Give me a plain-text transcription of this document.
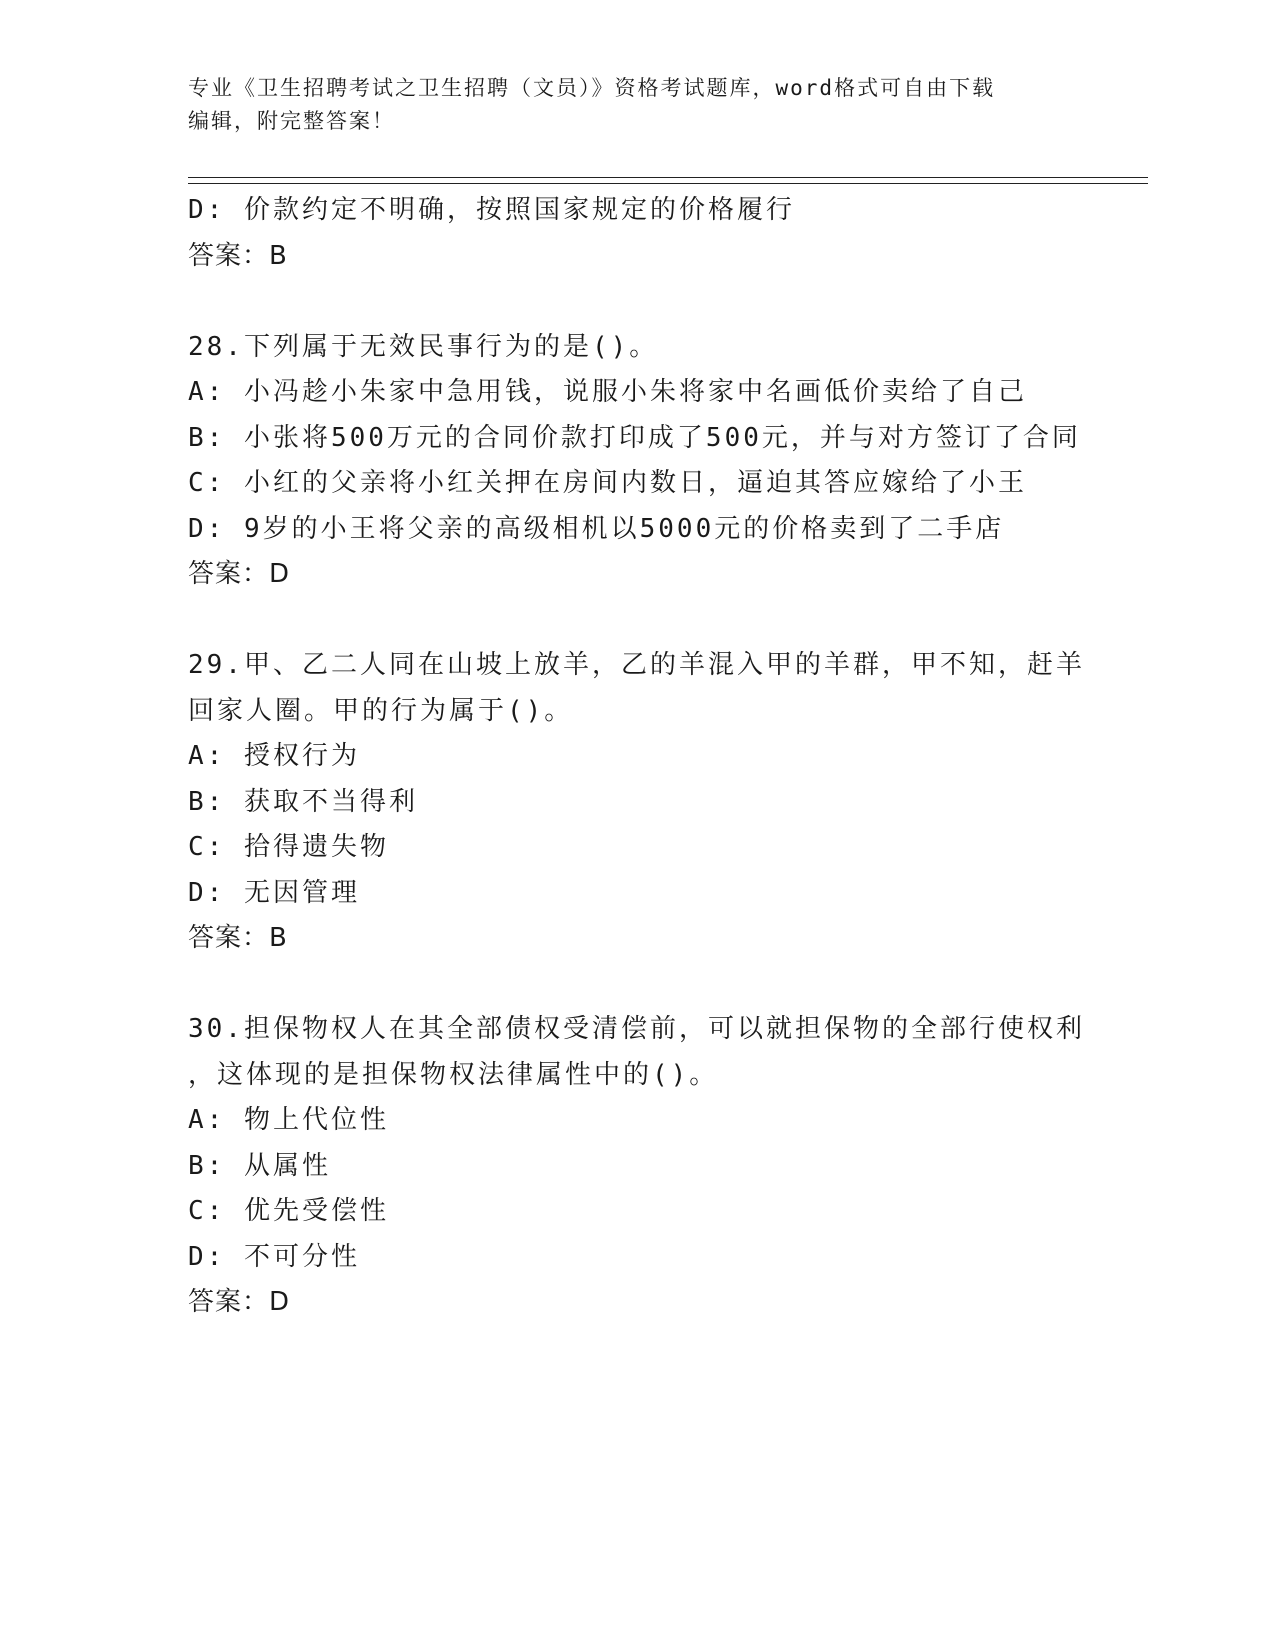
专业《卫生招聘考试之卫生招聘（文员）》资格考试题库，word格式可自由下载
编辑，附完整答案！
D: 价款约定不明确，按照国家规定的价格履行
答案：B
28.下列属于无效民事行为的是()。
A: 小冯趁小朱家中急用钱，说服小朱将家中名画低价卖给了自己
B: 小张将500万元的合同价款打印成了500元，并与对方签订了合同
C: 小红的父亲将小红关押在房间内数日，逼迫其答应嫁给了小王
D: 9岁的小王将父亲的高级相机以5000元的价格卖到了二手店
答案：D
29.甲、乙二人同在山坡上放羊，乙的羊混入甲的羊群，甲不知，赶羊
回家人圈。甲的行为属于()。
A: 授权行为
B: 获取不当得利
C: 拾得遗失物
D: 无因管理
答案：B
30.担保物权人在其全部债权受清偿前，可以就担保物的全部行使权利
，这体现的是担保物权法律属性中的()。
A: 物上代位性
B: 从属性
C: 优先受偿性
D: 不可分性
答案：D
